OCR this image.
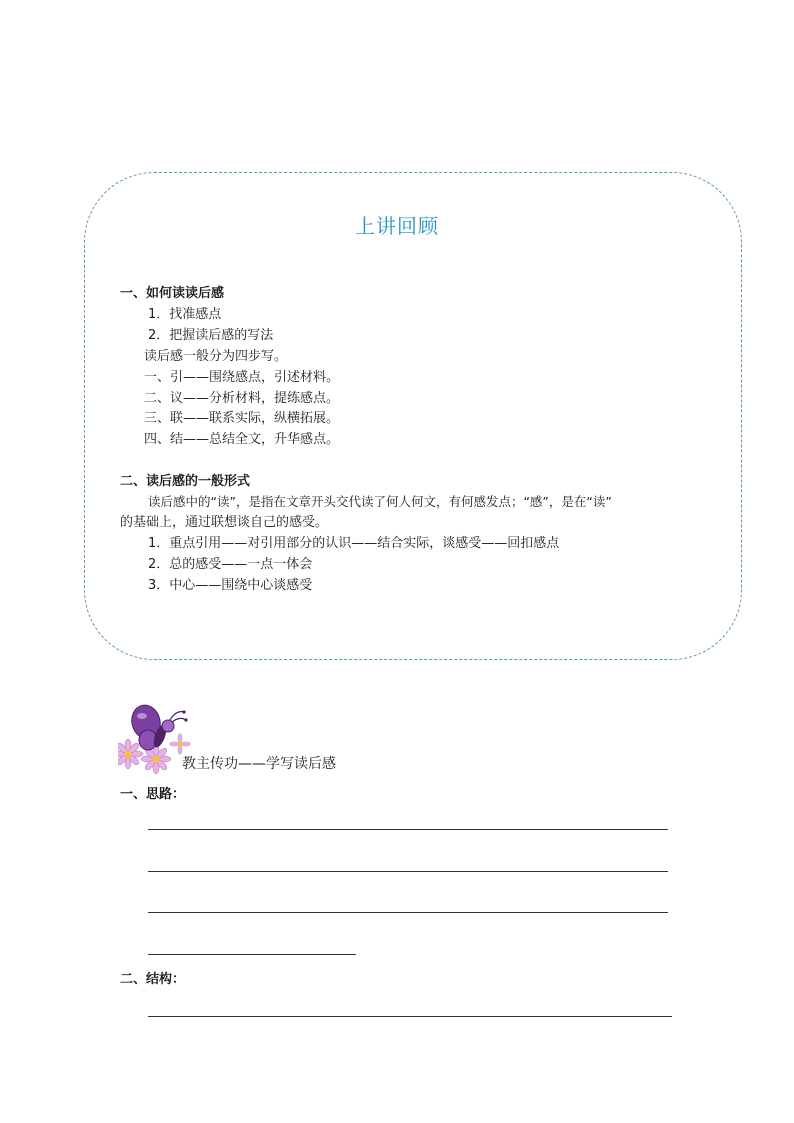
上讲回顾
一、如何读读后感
1．找准感点
2．把握读后感的写法
读后感一般分为四步写。
一、引——围绕感点，引述材料。
二、议——分析材料，提练感点。
三、联——联系实际，纵横拓展。
四、结——总结全文，升华感点。
二、读后感的一般形式
读后感中的“读”，是指在文章开头交代读了何人何文，有何感发点；“感”，是在“读”
的基础上，通过联想谈自己的感受。
1．重点引用——对引用部分的认识——结合实际，谈感受——回扣感点
2．总的感受——一点一体会
3．中心——围绕中心谈感受
教主传功——学写读后感
一、思路：
二、结构：
